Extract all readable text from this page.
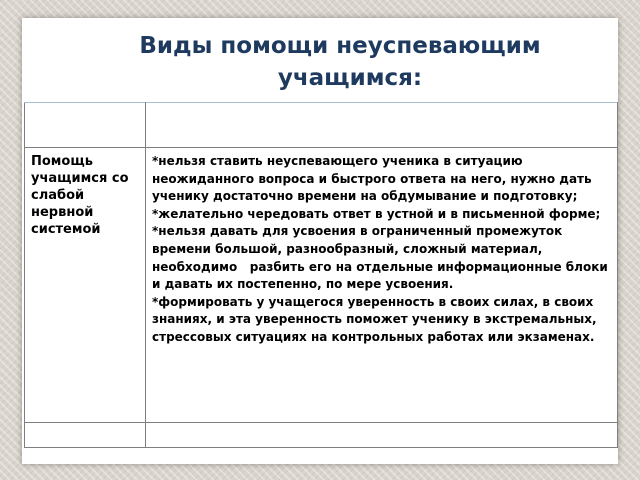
Виды помощи неуспевающим
учащимся:

Помощь учащимся со слабой нервной системой	*нельзя ставить неуспевающего ученика в ситуацию неожиданного вопроса и быстрого ответа на него, нужно дать ученику достаточно времени на обдумывание и подготовку;

*желательно чередовать ответ в устной и в письменной форме;

*нельзя давать для усвоения в ограниченный промежуток времени большой, разнообразный, сложный материал, необходимо   разбить его на отдельные информационные блоки и давать их постепенно, по мере усвоения.

*формировать у учащегося уверенность в своих силах, в своих знаниях, и эта уверенность поможет ученику в экстремальных, стрессовых ситуациях на контрольных работах или экзаменах.
